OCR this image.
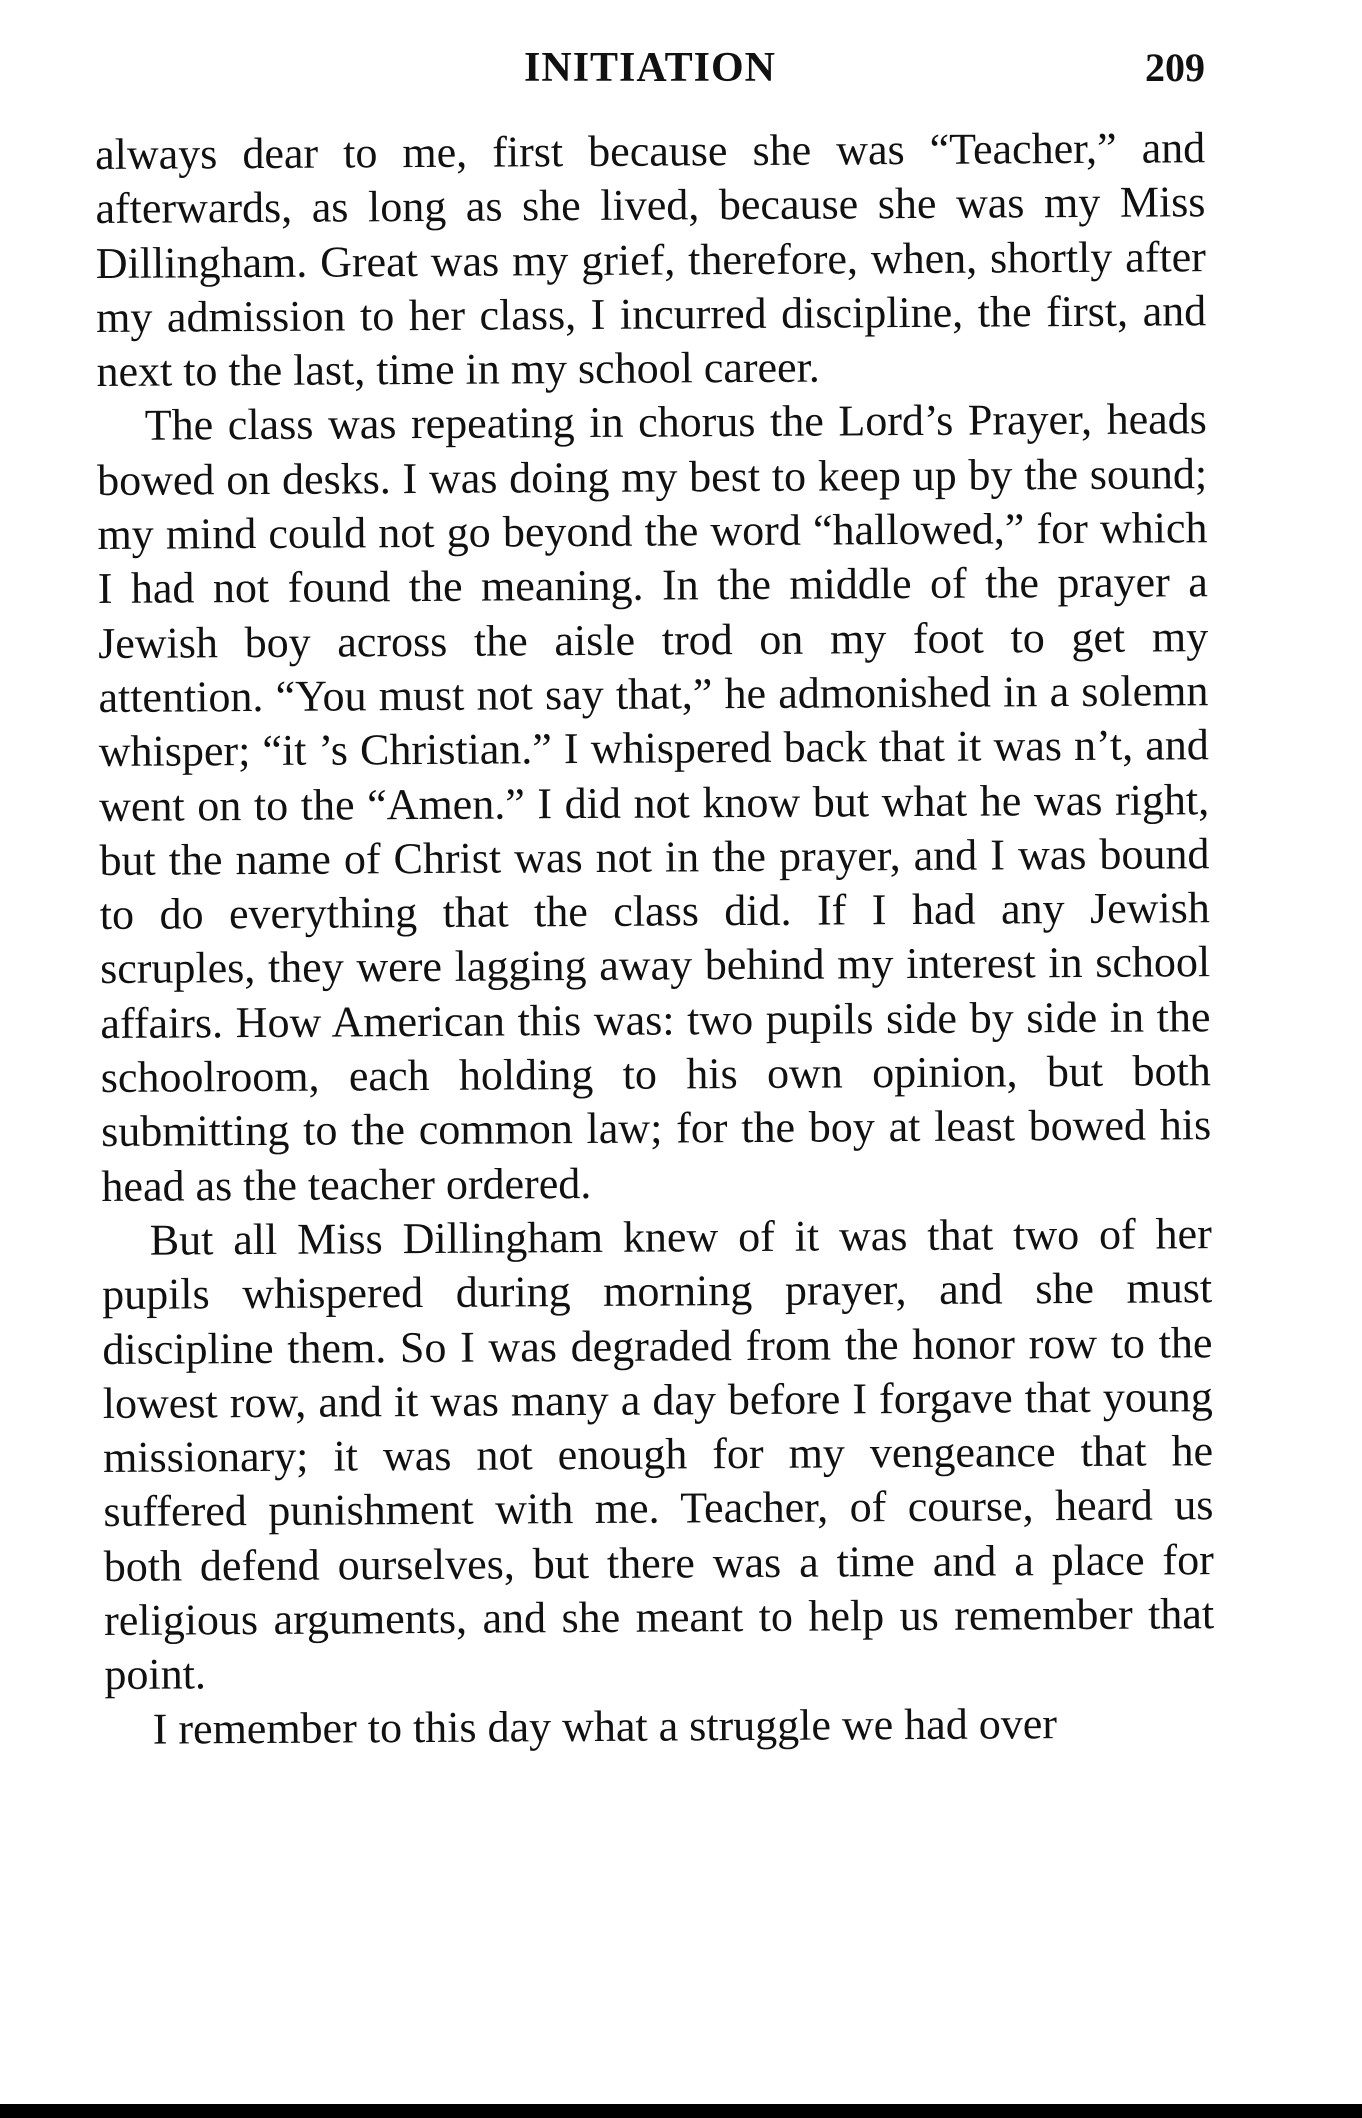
INITIATION	209

always dear to me, first because she was “Teacher,” and afterwards, as long as she lived, because she was my Miss Dillingham. Great was my grief, therefore, when, shortly after my admission to her class, I incurred discipline, the first, and next to the last, time in my school career.

The class was repeating in chorus the Lord’s Prayer, heads bowed on desks. I was doing my best to keep up by the sound; my mind could not go beyond the word “hallowed,” for which I had not found the meaning. In the middle of the prayer a Jewish boy across the aisle trod on my foot to get my attention. “You must not say that,” he admonished in a solemn whisper; “it ’s Christian.” I whispered back that it was n’t, and went on to the “Amen.” I did not know but what he was right, but the name of Christ was not in the prayer, and I was bound to do everything that the class did. If I had any Jewish scruples, they were lagging away behind my interest in school affairs. How American this was: two pupils side by side in the schoolroom, each holding to his own opinion, but both submitting to the common law; for the boy at least bowed his head as the teacher ordered.

But all Miss Dillingham knew of it was that two of her pupils whispered during morning prayer, and she must discipline them. So I was degraded from the honor row to the lowest row, and it was many a day before I forgave that young missionary; it was not enough for my vengeance that he suffered punishment with me. Teacher, of course, heard us both defend ourselves, but there was a time and a place for religious arguments, and she meant to help us remember that point.

I remember to this day what a struggle we had over
